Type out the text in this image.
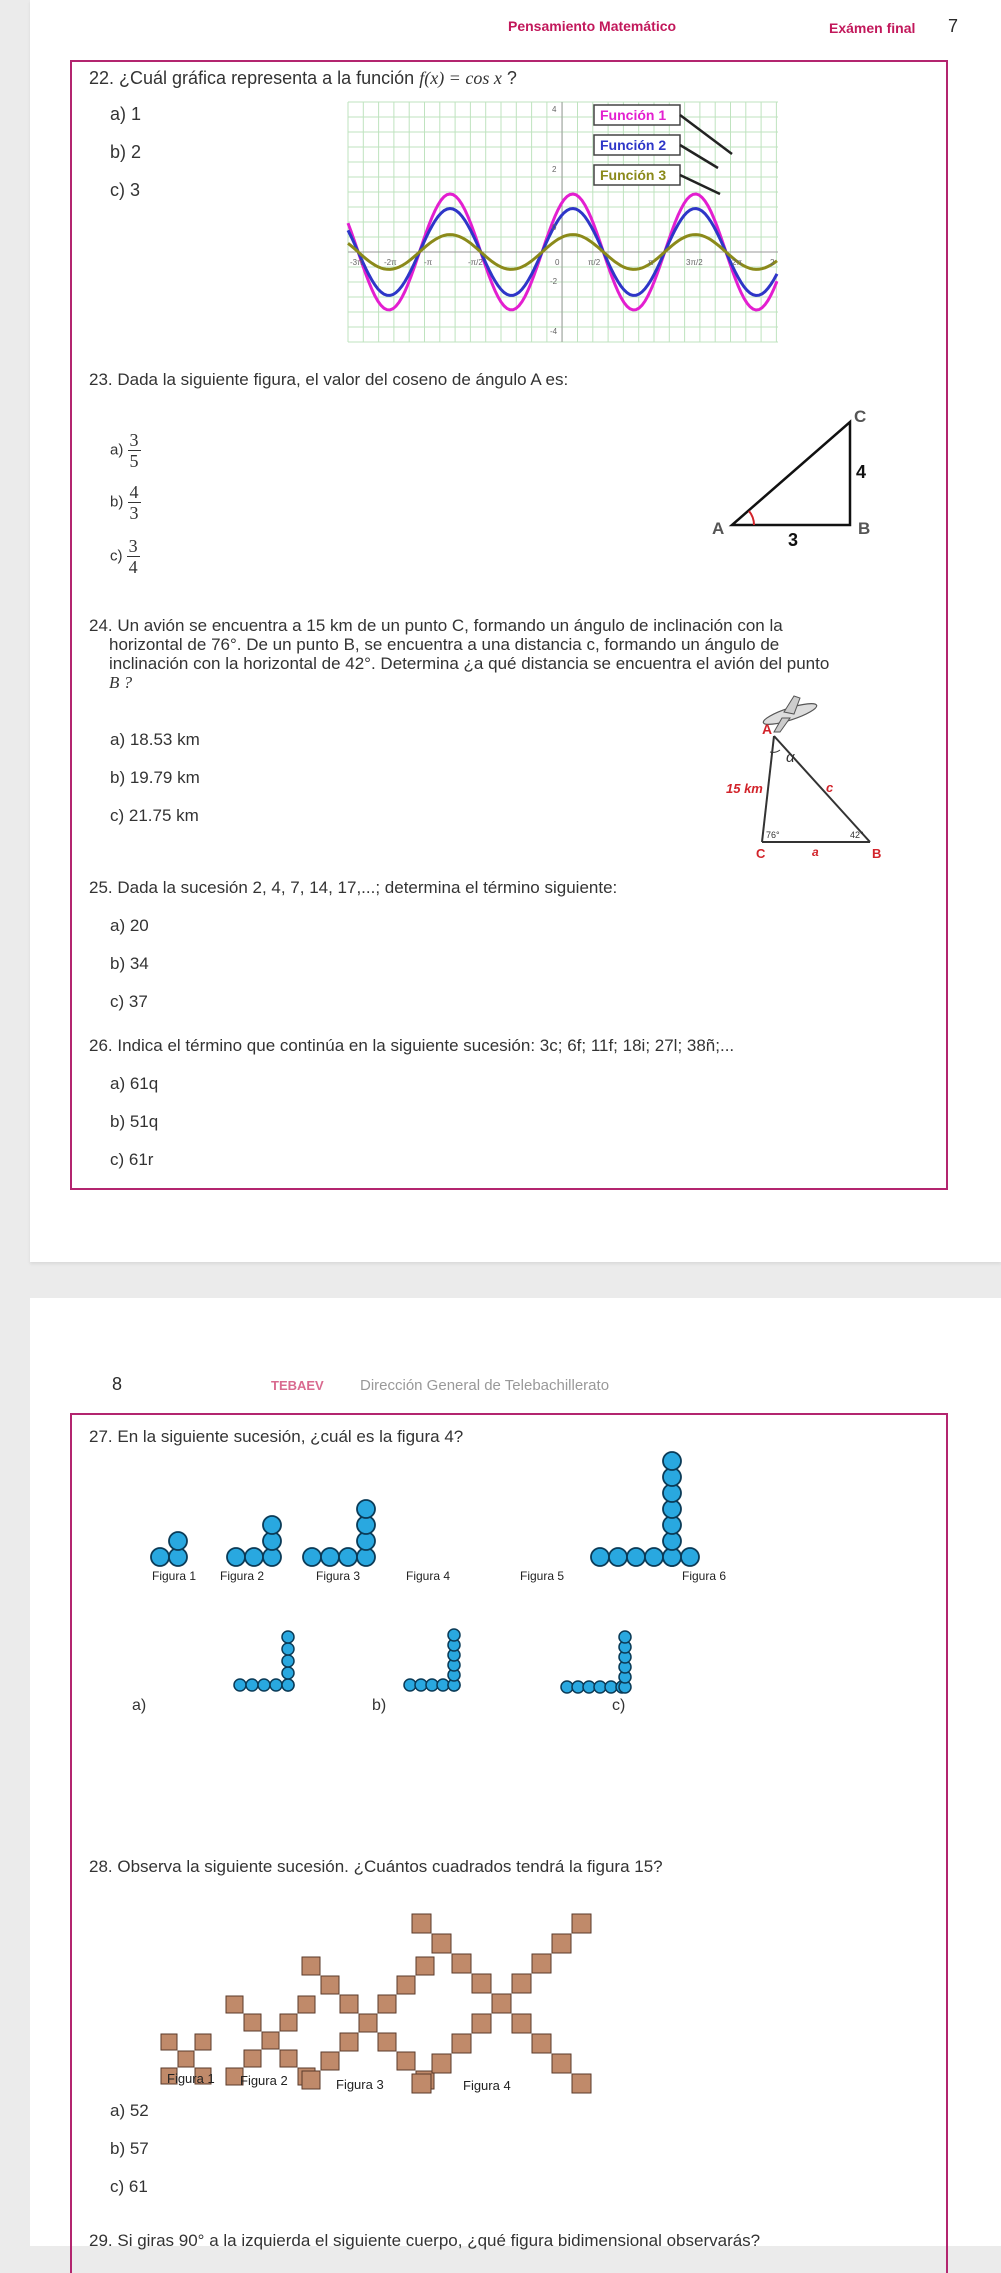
Pensamiento Matemático	Exámen final 7
22. ¿Cuál gráfica representa a la función f(x) = cos x ?
a) 1
b) 2
c) 3
-3π	-2π	-π	-π/2	0	π/2	π	3π/2	2π	2
4
2
0
-2
-4
Función 1
Función 2
Función 3
23. Dada la siguiente figura, el valor del coseno de ángulo A es:
$a) \frac{3}{5}$
$b) \frac{4}{3}$
$c) \frac{3}{4}$
A	B
C
4
3
24. Un avión se encuentra a 15 km de un punto C, formando un ángulo de inclinación con la
horizontal de 76°. De un punto B, se encuentra a una distancia c, formando un ángulo de
inclinación con la horizontal de 42°. Determina ¿a qué distancia se encuentra el avión del punto
B ?
a) 18.53 km
b) 19.79 km
c) 21.75 km
A
α
15 km	c
76°	42°
C	a	B
25. Dada la sucesión 2, 4, 7, 14, 17,...; determina el término siguiente:
a) 20
b) 34
c) 37
26. Indica el término que continúa en la siguiente sucesión: 3c; 6f; 11f; 18i; 27l; 38ñ;...
a) 61q
b) 51q
c) 61r
8	TEBAEV Dirección General de Telebachillerato
27. En la siguiente sucesión, ¿cuál es la figura 4?
Figura 1 Figura 2	Figura 3	Figura 4	Figura 5	Figura 6
a)	b)	c)
28. Observa la siguiente sucesión. ¿Cuántos cuadrados tendrá la figura 15?
Figura 1 Figura 2	Figura 3	Figura 4
a) 52
b) 57
c) 61
29. Si giras 90° a la izquierda el siguiente cuerpo, ¿qué figura bidimensional observarás?
